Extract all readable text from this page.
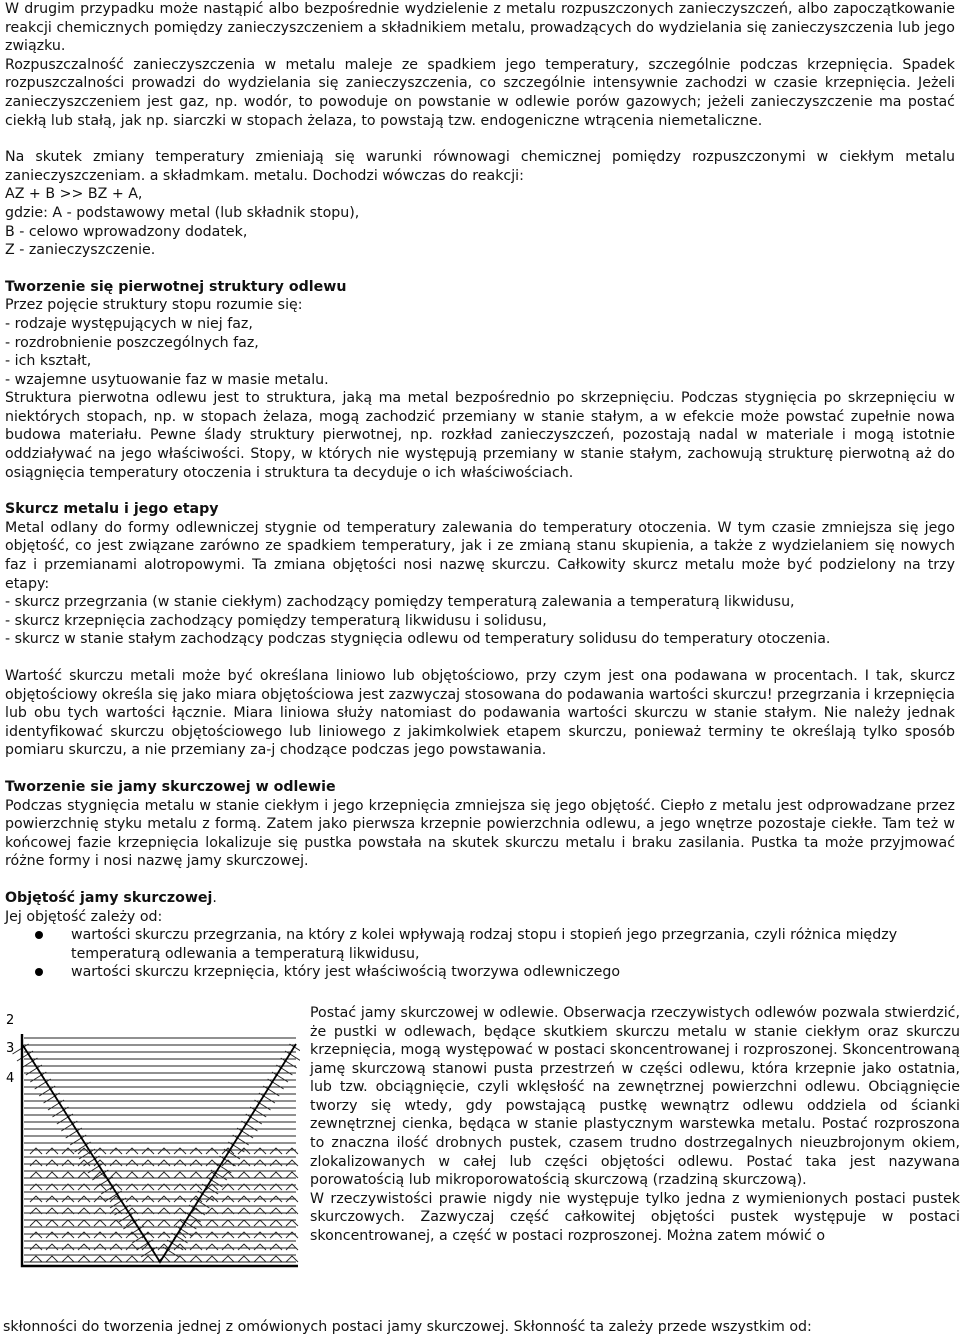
W drugim przypadku może nastąpić albo bezpośrednie wydzielenie z metalu rozpuszczonych zanieczyszczeń, albo zapoczątkowanie reakcji chemicznych pomiędzy zanieczyszczeniem a składnikiem metalu, prowadzących do wydzielania się zanieczyszczenia lub jego związku.

Rozpuszczalność zanieczyszczenia w metalu maleje ze spadkiem jego temperatury, szczególnie podczas krzepnięcia. Spadek rozpuszczalności prowadzi do wydzielania się zanieczyszczenia, co szczególnie intensywnie zachodzi w czasie krzepnięcia. Jeżeli zanieczyszczeniem jest gaz, np. wodór, to powoduje on powstanie w odlewie porów gazowych; jeżeli zanieczyszczenie ma postać ciekłą lub stałą, jak np. siarczki w stopach żelaza, to powstają tzw. endogeniczne wtrącenia niemetaliczne.

Na skutek zmiany temperatury zmieniają się warunki równowagi chemicznej pomiędzy rozpuszczonymi w ciekłym metalu zanieczyszczeniam. a składmkam. metalu. Dochodzi wówczas do reakcji:

AZ + B >> BZ + A,

gdzie: A - podstawowy metal (lub składnik stopu),

B - celowo wprowadzony dodatek,

Z - zanieczyszczenie.

Tworzenie się pierwotnej struktury odlewu

Przez pojęcie struktury stopu rozumie się:

- rodzaje występujących w niej faz,

- rozdrobnienie poszczególnych faz,

- ich kształt,

- wzajemne usytuowanie faz w masie metalu.

Struktura pierwotna odlewu jest to struktura, jaką ma metal bezpośrednio po skrzepnięciu. Podczas stygnięcia po skrzepnięciu w niektórych stopach, np. w stopach żelaza, mogą zachodzić przemiany w stanie stałym, a w efekcie może powstać zupełnie nowa budowa materiału. Pewne ślady struktury pierwotnej, np. rozkład zanieczyszczeń, pozostają nadal w materiale i mogą istotnie oddziaływać na jego właściwości. Stopy, w których nie występują przemiany w stanie stałym, zachowują strukturę pierwotną aż do osiągnięcia temperatury otoczenia i struktura ta decyduje o ich właściwościach.

Skurcz metalu i jego etapy

Metal odlany do formy odlewniczej stygnie od temperatury zalewania do temperatury otoczenia. W tym czasie zmniejsza się jego objętość, co jest związane zarówno ze spadkiem temperatury, jak i ze zmianą stanu skupienia, a także z wydzielaniem się nowych faz i przemianami alotropowymi. Ta zmiana objętości nosi nazwę skurczu. Całkowity skurcz metalu może być podzielony na trzy etapy:

- skurcz przegrzania (w stanie ciekłym) zachodzący pomiędzy temperaturą zalewania a temperaturą likwidusu,

- skurcz krzepnięcia zachodzący pomiędzy temperaturą likwidusu i solidusu,

- skurcz w stanie stałym zachodzący podczas stygnięcia odlewu od temperatury solidusu do temperatury otoczenia.

Wartość skurczu metali może być określana liniowo lub objętościowo, przy czym jest ona podawana w procentach. I tak, skurcz objętościowy określa się jako miara objętościowa jest zazwyczaj stosowana do podawania wartości skurczu! przegrzania i krzepnięcia lub obu tych wartości łącznie. Miara liniowa służy natomiast do podawania wartości skurczu w stanie stałym. Nie należy jednak identyfikować skurczu objętościowego lub liniowego z jakimkolwiek etapem skurczu, ponieważ terminy te określają tylko sposób pomiaru skurczu, a nie przemiany za-j chodzące podczas jego powstawania.

Tworzenie sie jamy skurczowej w odlewie

Podczas stygnięcia metalu w stanie ciekłym i jego krzepnięcia zmniejsza się jego objętość. Ciepło z metalu jest odprowadzane przez powierzchnię styku metalu z formą. Zatem jako pierwsza krzepnie powierzchnia odlewu, a jego wnętrze pozostaje ciekłe. Tam też w końcowej fazie krzepnięcia lokalizuje się pustka powstała na skutek skurczu metalu i braku zasilania. Pustka ta może przyjmować różne formy i nosi nazwę jamy skurczowej.

Objętość jamy skurczowej.

Jej objętość zależy od:

wartości skurczu przegrzania, na który z kolei wpływają rodzaj stopu i stopień jego przegrzania, czyli różnica między temperaturą odlewania a temperaturą likwidusu,
wartości skurczu krzepnięcia, który jest właściwością tworzywa odlewniczego
2
3
4

Postać jamy skurczowej w odlewie. Obserwacja rzeczywistych odlewów pozwala stwierdzić, że pustki w odlewach, będące skutkiem skurczu metalu w stanie ciekłym oraz skurczu krzepnięcia, mogą występować w postaci skoncentrowanej i rozproszonej. Skoncentrowaną jamę skurczową stanowi pusta przestrzeń w części odlewu, która krzepnie jako ostatnia, lub tzw. obciągnięcie, czyli wklęsłość na zewnętrznej powierzchni odlewu. Obciągnięcie tworzy się wtedy, gdy powstającą pustkę wewnątrz odlewu oddziela od ścianki zewnętrznej cienka, będąca w stanie plastycznym warstewka metalu. Postać rozproszona to znaczna ilość drobnych pustek, czasem trudno dostrzegalnych nieuzbrojonym okiem, zlokalizowanych w całej lub części objętości odlewu. Postać taka jest nazywana porowatością lub mikroporowatością skurczową (rzadziną skurczową).

W rzeczywistości prawie nigdy nie występuje tylko jedna z wymienionych postaci pustek skurczowych. Zazwyczaj część całkowitej objętości pustek występuje w postaci skoncentrowanej, a część w postaci rozproszonej. Można zatem mówić o

skłonności do tworzenia jednej z omówionych postaci jamy skurczowej. Skłonność ta zależy przede wszystkim od:
